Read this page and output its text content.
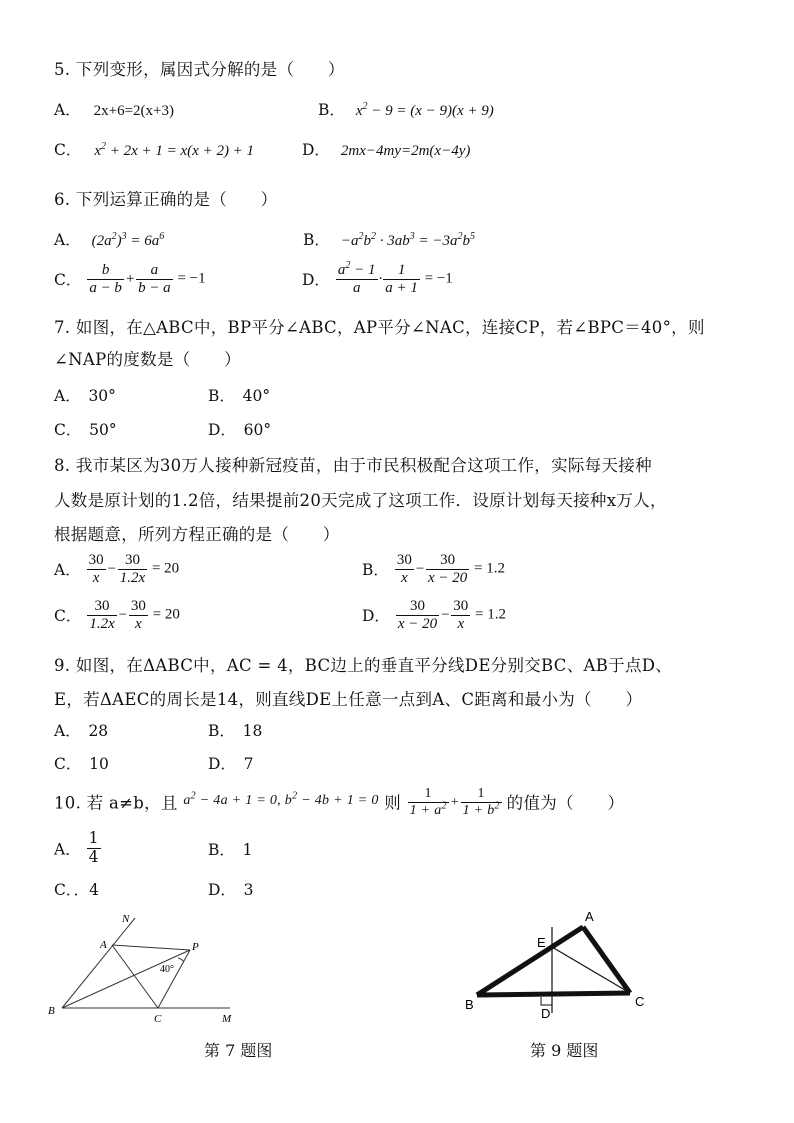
5. 下列变形，属因式分解的是（　　）
A． 2x+6=2(x+3)	B． $x^2 - 9 = (x - 9)(x + 9)$
C． $x^2 + 2x + 1 = x(x + 2) + 1$	D． 2mx−4my=2m(x−4y)
6. 下列运算正确的是（　　）
A． $(2a^2)^3 = 6a^6$	B． $-a^2b^2 \cdot 3ab^3 = -3a^2b^5$
C． $\frac{b}{a - b} + \frac{a}{b - a} = -1$	D． $\frac{a^2 - 1}{a} \cdot \frac{1}{a + 1} = -1$
7. 如图，在△ABC中，BP平分∠ABC，AP平分∠NAC，连接CP，若∠BPC＝40°，则
∠NAP的度数是（　　）
A．　30°	B．　40°
C．　50°	D．　60°
8. 我市某区为30万人接种新冠疫苗，由于市民积极配合这项工作，实际每天接种
人数是原计划的1.2倍，结果提前20天完成了这项工作．设原计划每天接种x万人，
根据题意，所列方程正确的是（　　）
A． $\frac{30}{x} - \frac{30}{1.2x} = 20$	B． $\frac{30}{x} - \frac{30}{x - 20} = 1.2$
C． $\frac{30}{1.2x} - \frac{30}{x} = 20$	D． $\frac{30}{x - 20} - \frac{30}{x} = 1.2$
9. 如图，在ΔABC中，AC = 4，BC边上的垂直平分线DE分别交BC、AB于点D、
E，若ΔAEC的周长是14，则直线DE上任意一点到A、C距离和最小为（　　）
A．　28	B．　18
C．　10	D．　7
10. 若 a≠b，且 $a^2 - 4a + 1 = 0$, $b^2 - 4b + 1 = 0$ 则 $\frac{1}{1 + a^2} + \frac{1}{1 + b^2}$ 的值为（　　）
A． $\frac{1}{4}$	B．　1
C．．4	D．　3
N
A	P
40°
B
C	M
第 7 题图
A
E
B
D
C
第 9 题图
